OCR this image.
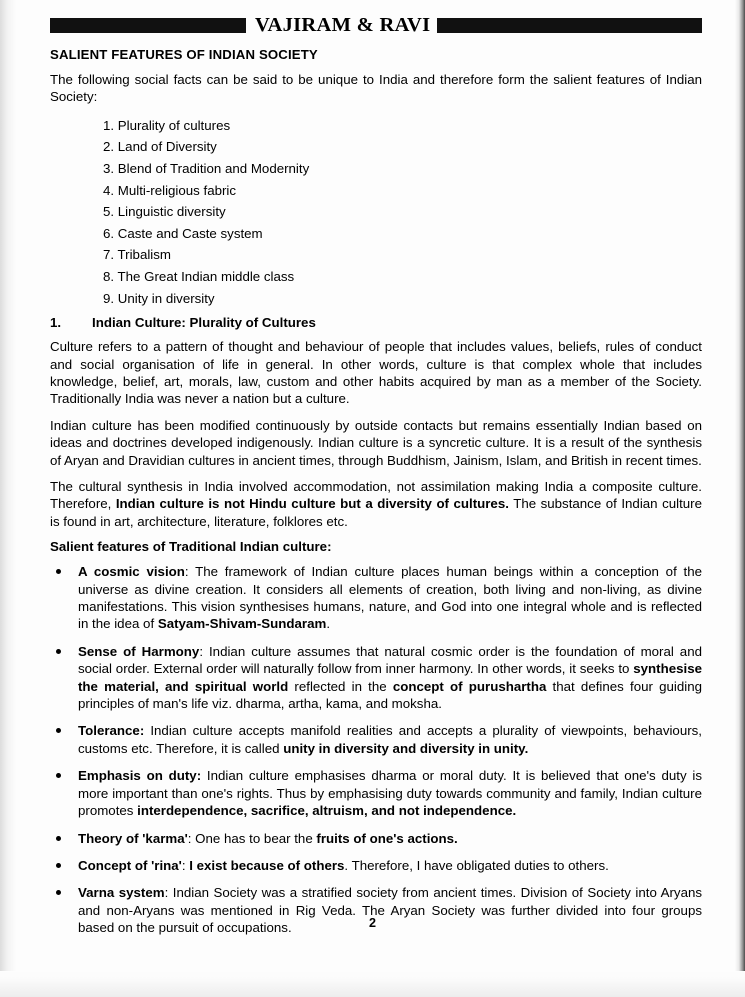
VAJIRAM & RAVI
SALIENT FEATURES OF INDIAN SOCIETY

The following social facts can be said to be unique to India and therefore form the salient features of Indian Society:

1. Plurality of cultures
2. Land of Diversity
3. Blend of Tradition and Modernity
4. Multi-religious fabric
5. Linguistic diversity
6. Caste and Caste system
7. Tribalism
8. The Great Indian middle class
9. Unity in diversity
1.	Indian Culture: Plurality of Cultures

Culture refers to a pattern of thought and behaviour of people that includes values, beliefs, rules of conduct and social organisation of life in general. In other words, culture is that complex whole that includes knowledge, belief, art, morals, law, custom and other habits acquired by man as a member of the Society. Traditionally India was never a nation but a culture.

Indian culture has been modified continuously by outside contacts but remains essentially Indian based on ideas and doctrines developed indigenously. Indian culture is a syncretic culture. It is a result of the synthesis of Aryan and Dravidian cultures in ancient times, through Buddhism, Jainism, Islam, and British in recent times.

The cultural synthesis in India involved accommodation, not assimilation making India a composite culture. Therefore, Indian culture is not Hindu culture but a diversity of cultures. The substance of Indian culture is found in art, architecture, literature, folklores etc.

Salient features of Traditional Indian culture:
A cosmic vision: The framework of Indian culture places human beings within a conception of the universe as divine creation. It considers all elements of creation, both living and non-living, as divine manifestations. This vision synthesises humans, nature, and God into one integral whole and is reflected in the idea of Satyam-Shivam-Sundaram.
Sense of Harmony: Indian culture assumes that natural cosmic order is the foundation of moral and social order. External order will naturally follow from inner harmony. In other words, it seeks to synthesise the material, and spiritual world reflected in the concept of purushartha that defines four guiding principles of man's life viz. dharma, artha, kama, and moksha.
Tolerance: Indian culture accepts manifold realities and accepts a plurality of viewpoints, behaviours, customs etc. Therefore, it is called unity in diversity and diversity in unity.
Emphasis on duty: Indian culture emphasises dharma or moral duty. It is believed that one's duty is more important than one's rights. Thus by emphasising duty towards community and family, Indian culture promotes interdependence, sacrifice, altruism, and not independence.
Theory of 'karma': One has to bear the fruits of one's actions.
Concept of 'rina': I exist because of others. Therefore, I have obligated duties to others.
Varna system: Indian Society was a stratified society from ancient times. Division of Society into Aryans and non-Aryans was mentioned in Rig Veda. The Aryan Society was further divided into four groups based on the pursuit of occupations.	2
